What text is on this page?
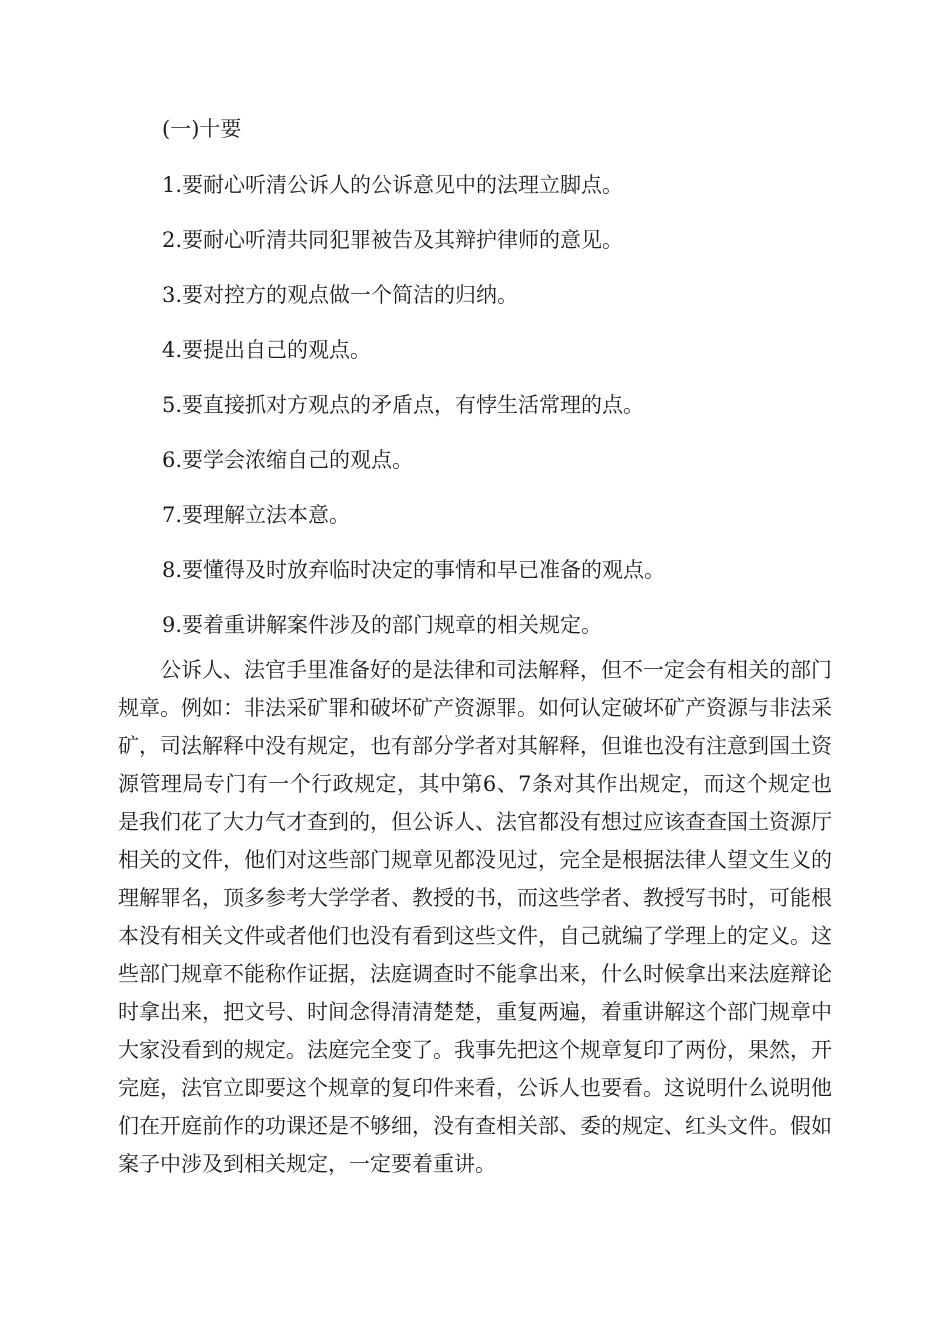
(一)十要
1.要耐心听清公诉人的公诉意见中的法理立脚点。
2.要耐心听清共同犯罪被告及其辩护律师的意见。
3.要对控方的观点做一个简洁的归纳。
4.要提出自己的观点。
5.要直接抓对方观点的矛盾点，有悖生活常理的点。
6.要学会浓缩自己的观点。
7.要理解立法本意。
8.要懂得及时放弃临时决定的事情和早已准备的观点。
9.要着重讲解案件涉及的部门规章的相关规定。

公诉人、法官手里准备好的是法律和司法解释，但不一定会有相关的部门规章。例如：非法采矿罪和破坏矿产资源罪。如何认定破坏矿产资源与非法采矿，司法解释中没有规定，也有部分学者对其解释，但谁也没有注意到国土资源管理局专门有一个行政规定，其中第6、7条对其作出规定，而这个规定也是我们花了大力气才查到的，但公诉人、法官都没有想过应该查查国土资源厅相关的文件，他们对这些部门规章见都没见过，完全是根据法律人望文生义的理解罪名，顶多参考大学学者、教授的书，而这些学者、教授写书时，可能根本没有相关文件或者他们也没有看到这些文件，自己就编了学理上的定义。这些部门规章不能称作证据，法庭调查时不能拿出来，什么时候拿出来法庭辩论时拿出来，把文号、时间念得清清楚楚，重复两遍，着重讲解这个部门规章中大家没看到的规定。法庭完全变了。我事先把这个规章复印了两份，果然，开完庭，法官立即要这个规章的复印件来看，公诉人也要看。这说明什么说明他们在开庭前作的功课还是不够细，没有查相关部、委的规定、红头文件。假如案子中涉及到相关规定，一定要着重讲。
